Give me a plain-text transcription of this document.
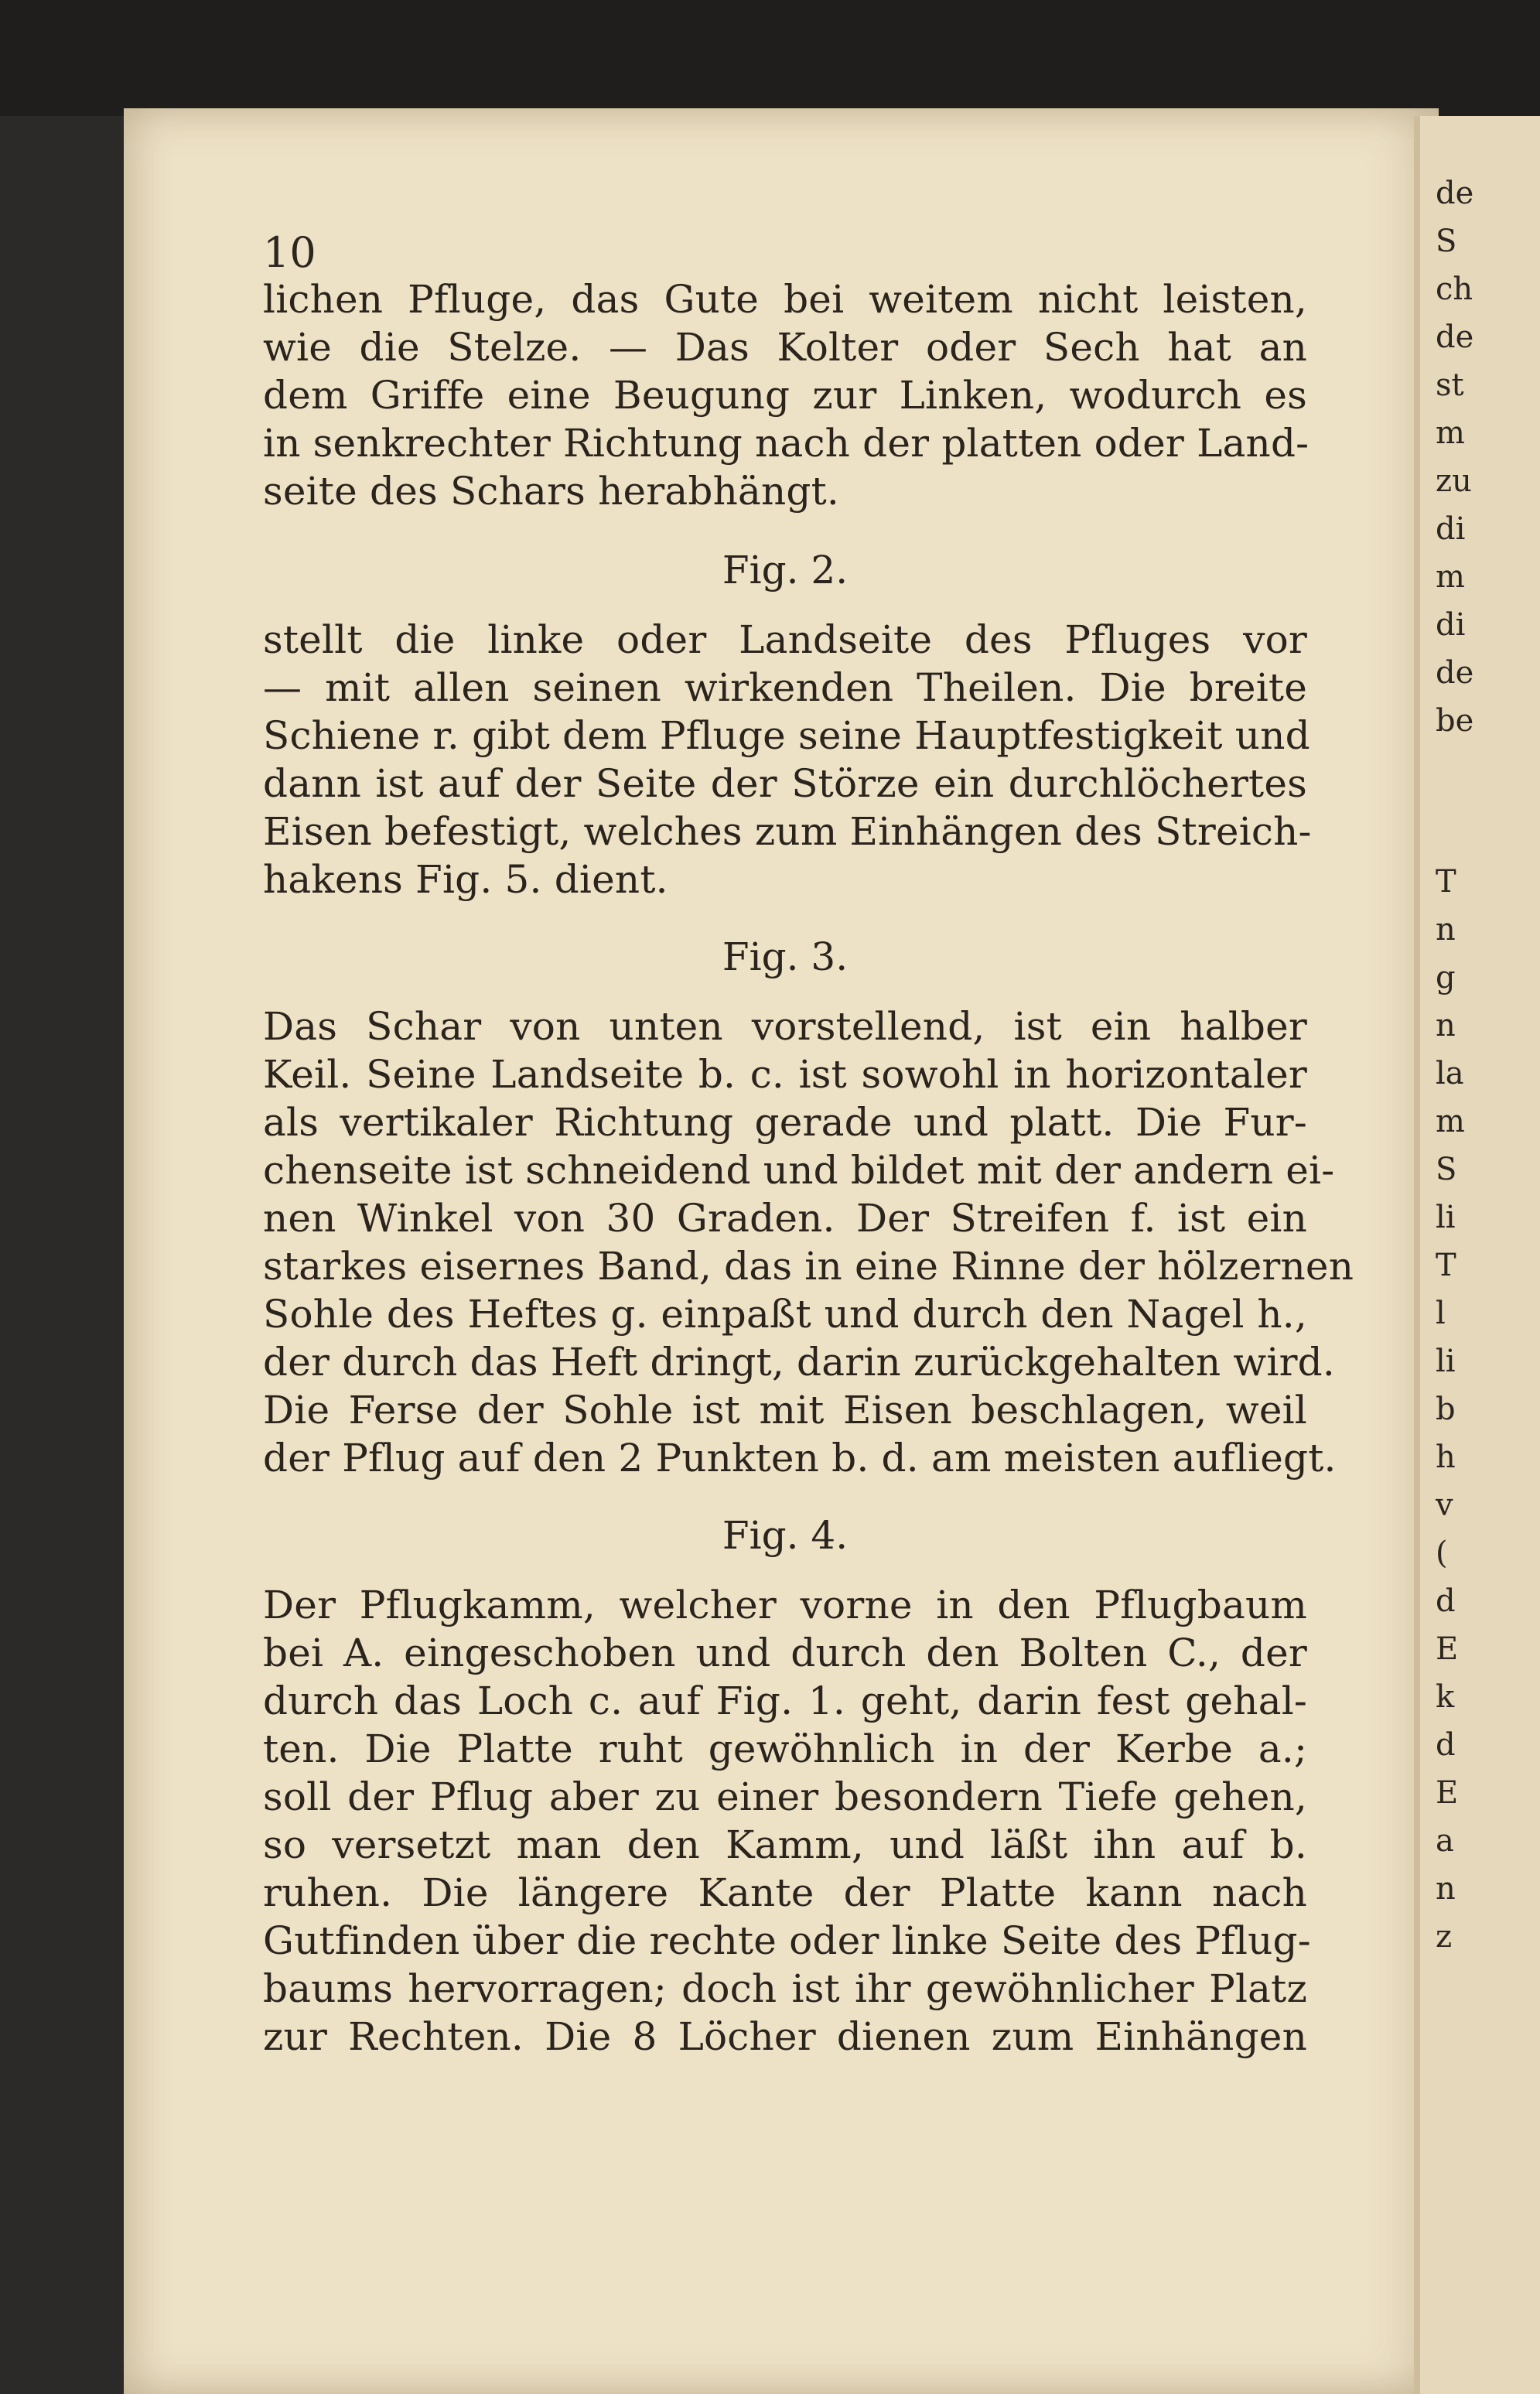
de
S
ch
de
st
m
zu
di
m
di
de
be
T
n
g
n
la
m
S
li
T
l
li
b
h
v
(
d
E
k
d
E
a
n
z
10
lichen Pfluge, das Gute bei weitem nicht leisten,
wie die Stelze. — Das Kolter oder Sech hat an
dem Griffe eine Beugung zur Linken, wodurch es
in senkrechter Richtung nach der platten oder Land-
seite des Schars herabhängt.
Fig. 2.
stellt die linke oder Landseite des Pfluges vor
— mit allen seinen wirkenden Theilen. Die breite
Schiene r. gibt dem Pfluge seine Hauptfestigkeit und
dann ist auf der Seite der Störze ein durchlöchertes
Eisen befestigt, welches zum Einhängen des Streich-
hakens Fig. 5. dient.
Fig. 3.
Das Schar von unten vorstellend, ist ein halber
Keil. Seine Landseite b. c. ist sowohl in horizontaler
als vertikaler Richtung gerade und platt. Die Fur-
chenseite ist schneidend und bildet mit der andern ei-
nen Winkel von 30 Graden. Der Streifen f. ist ein
starkes eisernes Band, das in eine Rinne der hölzernen
Sohle des Heftes g. einpaßt und durch den Nagel h.,
der durch das Heft dringt, darin zurückgehalten wird.
Die Ferse der Sohle ist mit Eisen beschlagen, weil
der Pflug auf den 2 Punkten b. d. am meisten aufliegt.
Fig. 4.
Der Pflugkamm, welcher vorne in den Pflugbaum
bei A. eingeschoben und durch den Bolten C., der
durch das Loch c. auf Fig. 1. geht, darin fest gehal-
ten. Die Platte ruht gewöhnlich in der Kerbe a.;
soll der Pflug aber zu einer besondern Tiefe gehen,
so versetzt man den Kamm, und läßt ihn auf b.
ruhen. Die längere Kante der Platte kann nach
Gutfinden über die rechte oder linke Seite des Pflug-
baums hervorragen; doch ist ihr gewöhnlicher Platz
zur Rechten. Die 8 Löcher dienen zum Einhängen
